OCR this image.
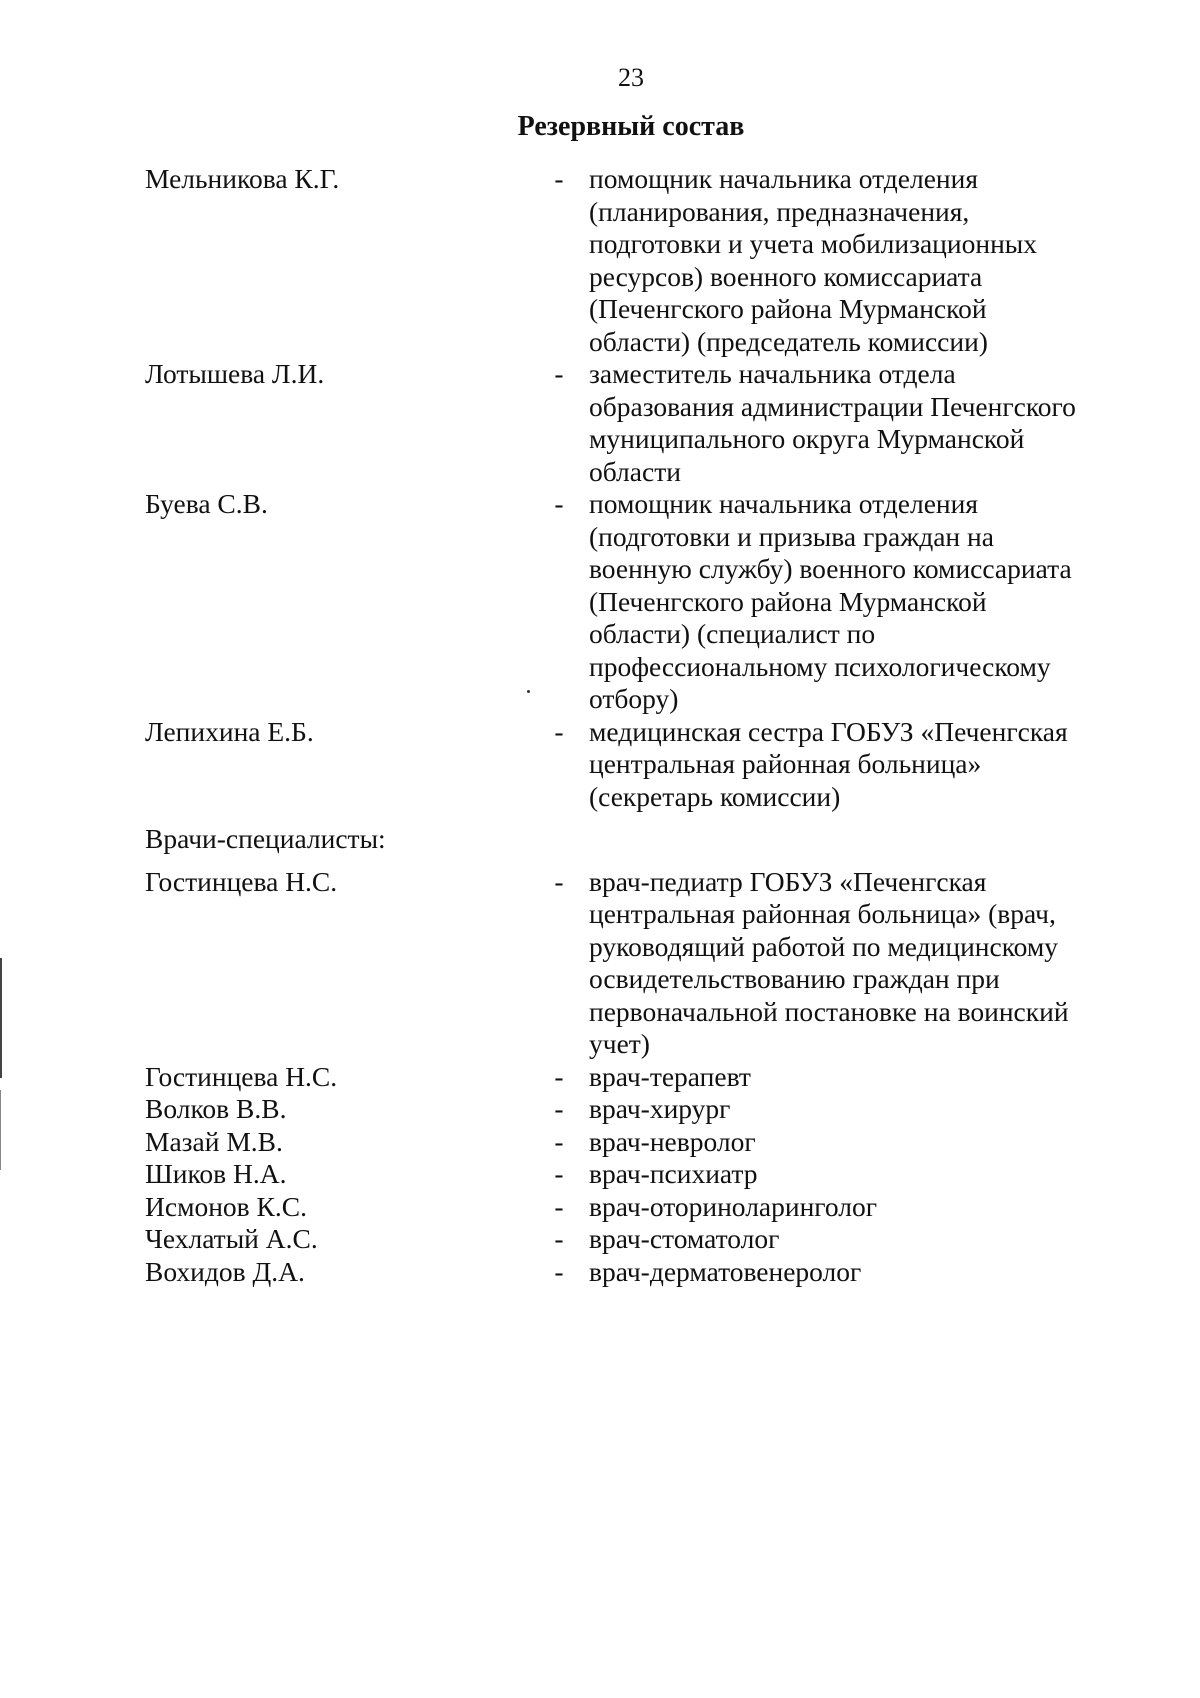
23
Резервный состав
Мельникова К.Г.	- помощник начальника отделения
(планирования, предназначения,
подготовки и учета мобилизационных
ресурсов) военного комиссариата
(Печенгского района Мурманской
области) (председатель комиссии)
Лотышева Л.И.	- заместитель начальника отдела
образования администрации Печенгского
муниципального округа Мурманской
области
Буева С.В.	- помощник начальника отделения
(подготовки и призыва граждан на
военную службу) военного комиссариата
(Печенгского района Мурманской
области) (специалист по
профессиональному психологическому
отбору)
Лепихина Е.Б.	- медицинская сестра ГОБУЗ «Печенгская
центральная районная больница»
(секретарь комиссии)
Врачи-специалисты:
Гостинцева Н.С.	- врач-педиатр ГОБУЗ «Печенгская
центральная районная больница» (врач,
руководящий работой по медицинскому
освидетельствованию граждан при
первоначальной постановке на воинский
учет)
Гостинцева Н.С.	- врач-терапевт
Волков В.В.	- врач-хирург
Мазай М.В.	- врач-невролог
Шиков Н.А.	- врач-психиатр
Исмонов К.С.	- врач-оториноларинголог
Чехлатый А.С.	- врач-стоматолог
Вохидов Д.А.	- врач-дерматовенеролог
